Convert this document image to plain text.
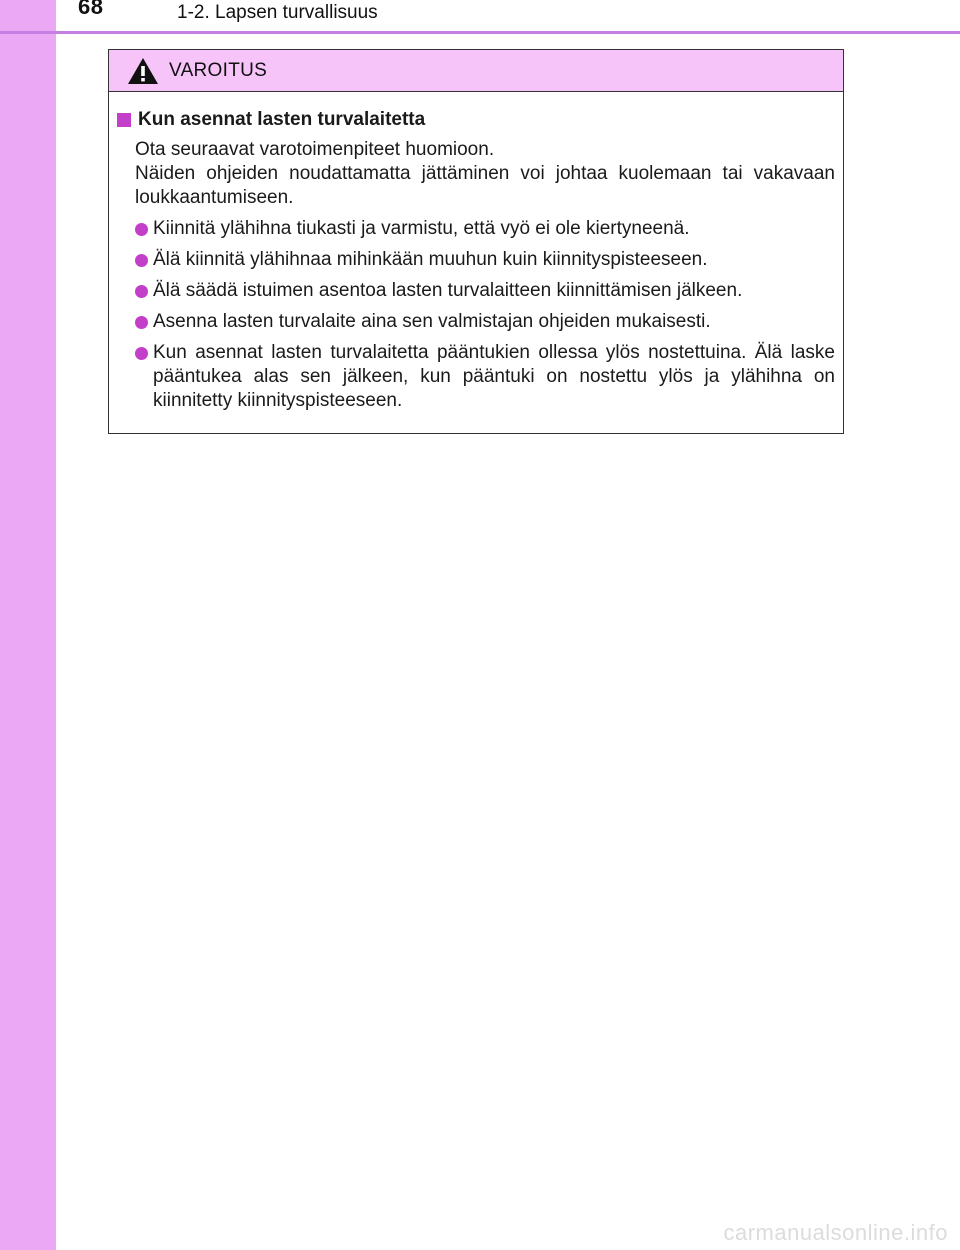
68	1-2. Lapsen turvallisuus
VAROITUS
Kun asennat lasten turvalaitetta
Ota seuraavat varotoimenpiteet huomioon.
Näiden ohjeiden noudattamatta jättäminen voi johtaa kuolemaan tai vakavaan loukkaantumiseen.
Kiinnitä ylähihna tiukasti ja varmistu, että vyö ei ole kiertyneenä.
Älä kiinnitä ylähihnaa mihinkään muuhun kuin kiinnityspisteeseen.
Älä säädä istuimen asentoa lasten turvalaitteen kiinnittämisen jälkeen.
Asenna lasten turvalaite aina sen valmistajan ohjeiden mukaisesti.
Kun asennat lasten turvalaitetta pääntukien ollessa ylös nostettuina. Älä laske pääntukea alas sen jälkeen, kun pääntuki on nostettu ylös ja ylähihna on kiinnitetty kiinnityspisteeseen.
carmanualsonline.info
